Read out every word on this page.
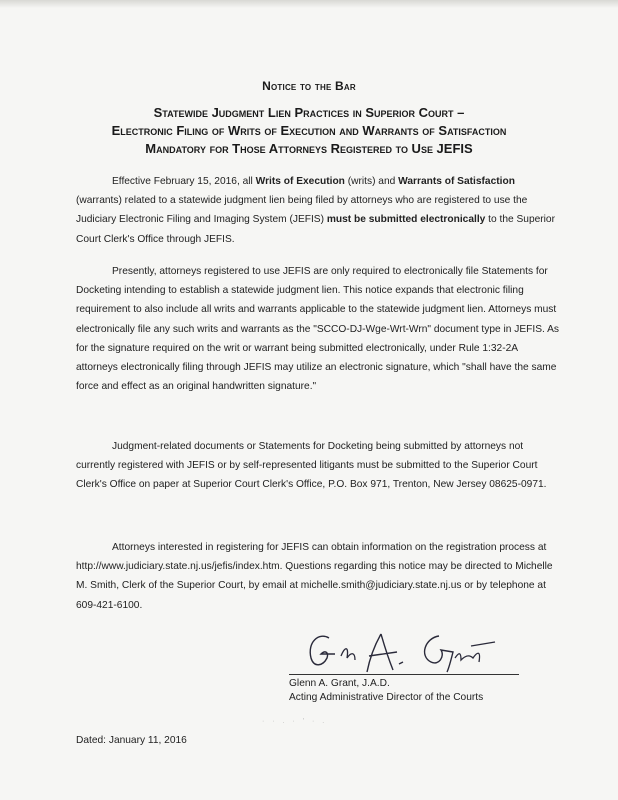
Notice to the Bar
Statewide Judgment Lien Practices in Superior Court –
Electronic Filing of Writs of Execution and Warrants of Satisfaction
Mandatory for Those Attorneys Registered to Use JEFIS
Effective February 15, 2016, all Writs of Execution (writs) and Warrants of Satisfaction (warrants) related to a statewide judgment lien being filed by attorneys who are registered to use the Judiciary Electronic Filing and Imaging System (JEFIS) must be submitted electronically to the Superior Court Clerk's Office through JEFIS.
Presently, attorneys registered to use JEFIS are only required to electronically file Statements for Docketing intending to establish a statewide judgment lien. This notice expands that electronic filing requirement to also include all writs and warrants applicable to the statewide judgment lien. Attorneys must electronically file any such writs and warrants as the "SCCO-DJ-Wge-Wrt-Wrn" document type in JEFIS. As for the signature required on the writ or warrant being submitted electronically, under Rule 1:32-2A attorneys electronically filing through JEFIS may utilize an electronic signature, which "shall have the same force and effect as an original handwritten signature."
Judgment-related documents or Statements for Docketing being submitted by attorneys not currently registered with JEFIS or by self-represented litigants must be submitted to the Superior Court Clerk's Office on paper at Superior Court Clerk's Office, P.O. Box 971, Trenton, New Jersey 08625-0971.
Attorneys interested in registering for JEFIS can obtain information on the registration process at http://www.judiciary.state.nj.us/jefis/index.htm. Questions regarding this notice may be directed to Michelle M. Smith, Clerk of the Superior Court, by email at michelle.smith@judiciary.state.nj.us or by telephone at 609-421-6100.
Glenn A. Grant, J.A.D.
Acting Administrative Director of the Courts
· · . · ' · .
Dated: January 11, 2016
